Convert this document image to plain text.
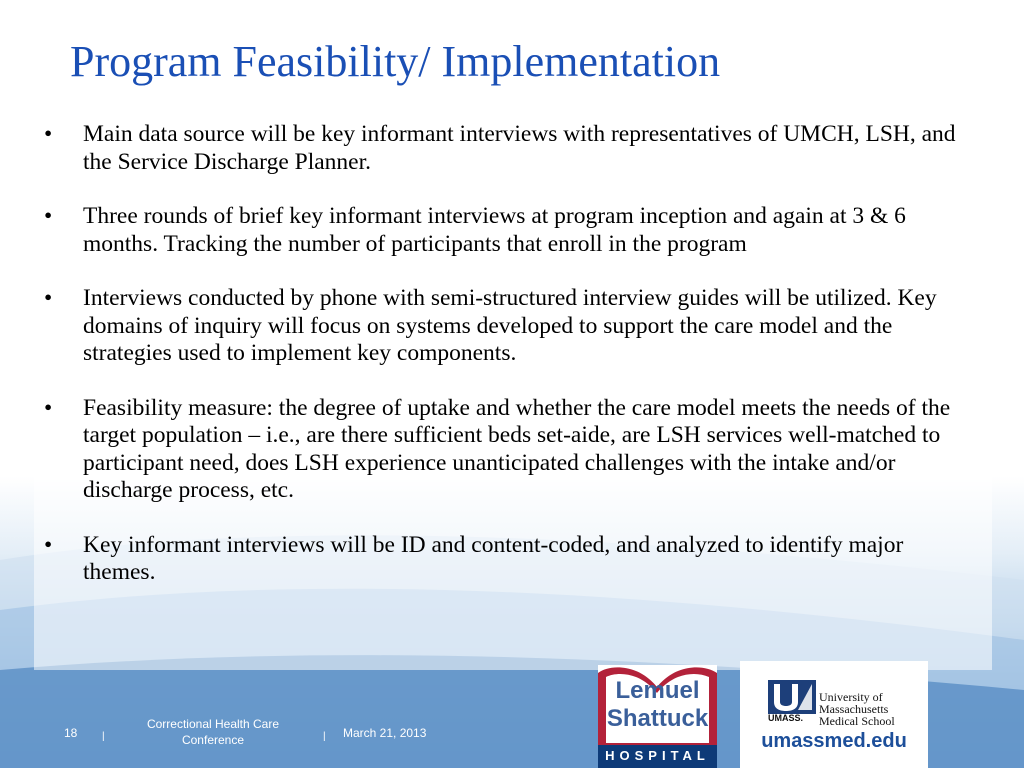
Program Feasibility/ Implementation
•	Main data source will be key informant interviews with representatives of UMCH, LSH, and the Service Discharge Planner.
•	Three rounds of brief key informant interviews at program inception and again at 3 & 6 months. Tracking the number of participants that enroll in the program
•	Interviews conducted by phone with semi-structured interview guides will be utilized. Key domains of inquiry will focus on systems developed to support the care model and the strategies used to implement key components.
•	Feasibility measure: the degree of uptake and whether the care model meets the needs of the target population – i.e., are there sufficient beds set-aide, are LSH services well-matched to participant need, does LSH experience unanticipated challenges with the intake and/or discharge process, etc.
•	Key informant interviews will be ID and content-coded, and analyzed to identify major themes.
18 |
Correctional Health Care
Conference	| March 21, 2013
Lemuel
Shattuck
HOSPITAL
UMASS.
University of
Massachusetts
Medical School
umassmed.edu
